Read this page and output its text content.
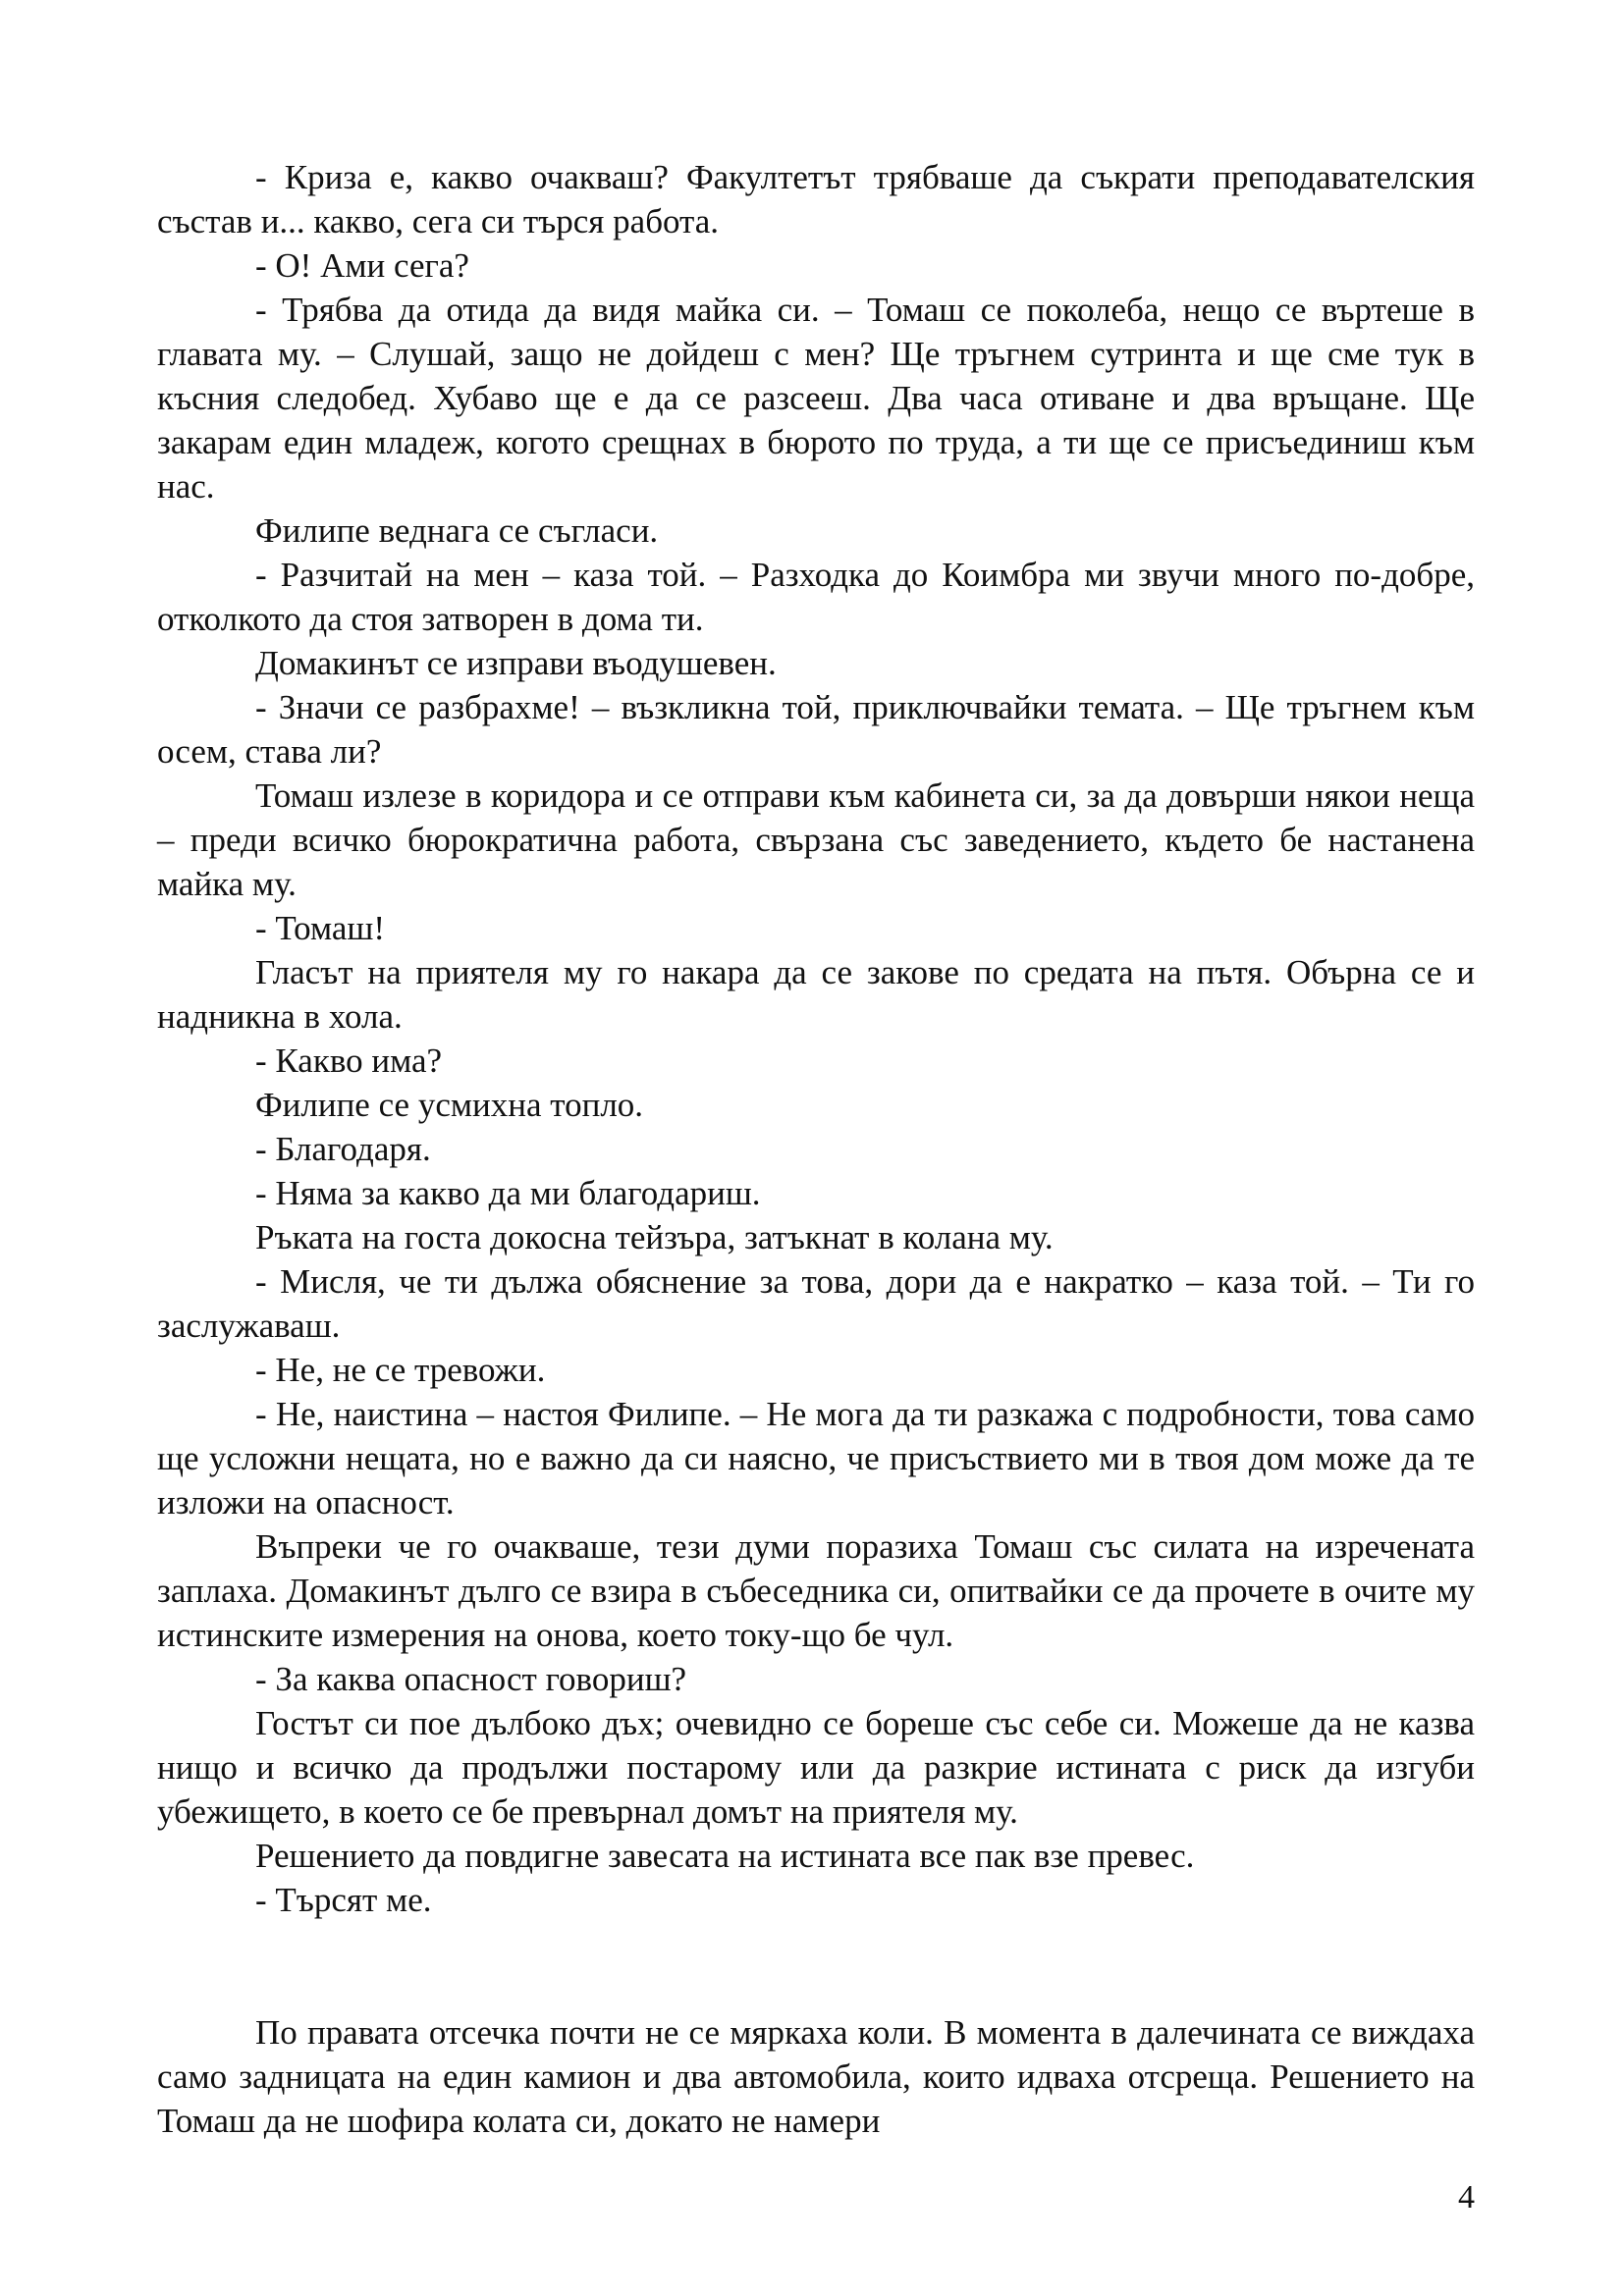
- Криза е, какво очакваш? Факултетът трябваше да съкрати преподавателския състав и... какво, сега си търся работа.

- О! Ами сега?

- Трябва да отида да видя майка си. – Томаш се поколеба, нещо се въртеше в главата му. – Слушай, защо не дойдеш с мен? Ще тръгнем сутринта и ще сме тук в късния следобед. Хубаво ще е да се разсееш. Два часа отиване и два връщане. Ще закарам един младеж, когото срещнах в бюрото по труда, а ти ще се присъединиш към нас.

Филипе веднага се съгласи.

- Разчитай на мен – каза той. – Разходка до Коимбра ми звучи много по-добре, отколкото да стоя затворен в дома ти.

Домакинът се изправи въодушевен.

- Значи се разбрахме! – възкликна той, приключвайки темата. – Ще тръгнем към осем, става ли?

Томаш излезе в коридора и се отправи към кабинета си, за да довърши някои неща – преди всичко бюрократична работа, свързана със заведението, където бе настанена майка му.

- Томаш!

Гласът на приятеля му го накара да се закове по средата на пътя. Обърна се и надникна в хола.

- Какво има?

Филипе се усмихна топло.

- Благодаря.

- Няма за какво да ми благодариш.

Ръката на госта докосна тейзъра, затъкнат в колана му.

- Мисля, че ти дължа обяснение за това, дори да е накратко – каза той. – Ти го заслужаваш.

- Не, не се тревожи.

- Не, наистина – настоя Филипе. – Не мога да ти разкажа с подробности, това само ще усложни нещата, но е важно да си наясно, че присъствието ми в твоя дом може да те изложи на опасност.

Въпреки че го очакваше, тези думи поразиха Томаш със силата на изречената заплаха. Домакинът дълго се взира в събеседника си, опитвайки се да прочете в очите му истинските измерения на онова, което току-що бе чул.

- За каква опасност говориш?

Гостът си пое дълбоко дъх; очевидно се бореше със себе си. Можеше да не казва нищо и всичко да продължи постарому или да разкрие истината с риск да изгуби убежището, в което се бе превърнал домът на приятеля му.

Решението да повдигне завесата на истината все пак взе превес.

- Търсят ме.

По правата отсечка почти не се мяркаха коли. В момента в далечината се виждаха само задницата на един камион и два автомобила, които идваха отсреща. Решението на Томаш да не шофира колата си, докато не намери

4
